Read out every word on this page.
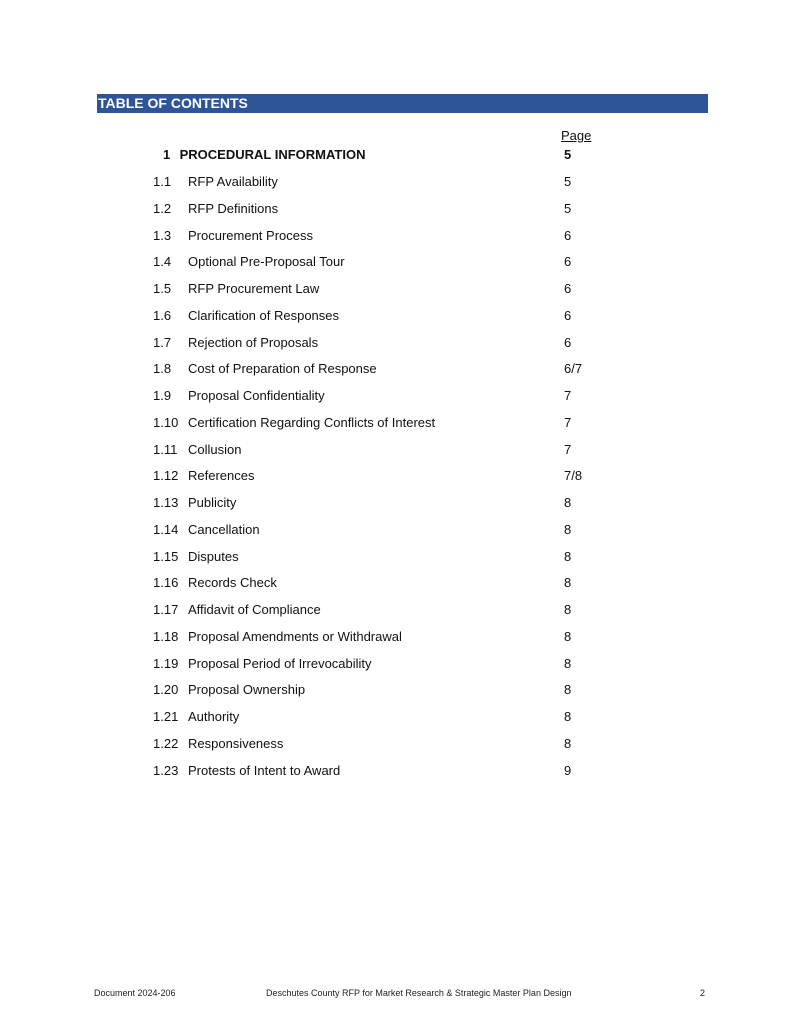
TABLE OF CONTENTS
Page
1 PROCEDURAL INFORMATION	5
1.1 RFP Availability	5
1.2 RFP Definitions	5
1.3 Procurement Process	6
1.4 Optional Pre-Proposal Tour	6
1.5 RFP Procurement Law	6
1.6 Clarification of Responses	6
1.7 Rejection of Proposals	6
1.8 Cost of Preparation of Response	6/7
1.9 Proposal Confidentiality	7
1.10 Certification Regarding Conflicts of Interest	7
1.11 Collusion	7
1.12 References	7/8
1.13 Publicity	8
1.14 Cancellation	8
1.15 Disputes	8
1.16 Records Check	8
1.17 Affidavit of Compliance	8
1.18 Proposal Amendments or Withdrawal	8
1.19 Proposal Period of Irrevocability	8
1.20 Proposal Ownership	8
1.21 Authority	8
1.22 Responsiveness	8
1.23 Protests of Intent to Award	9
Document 2024-206	Deschutes County RFP for Market Research & Strategic Master Plan Design	2
